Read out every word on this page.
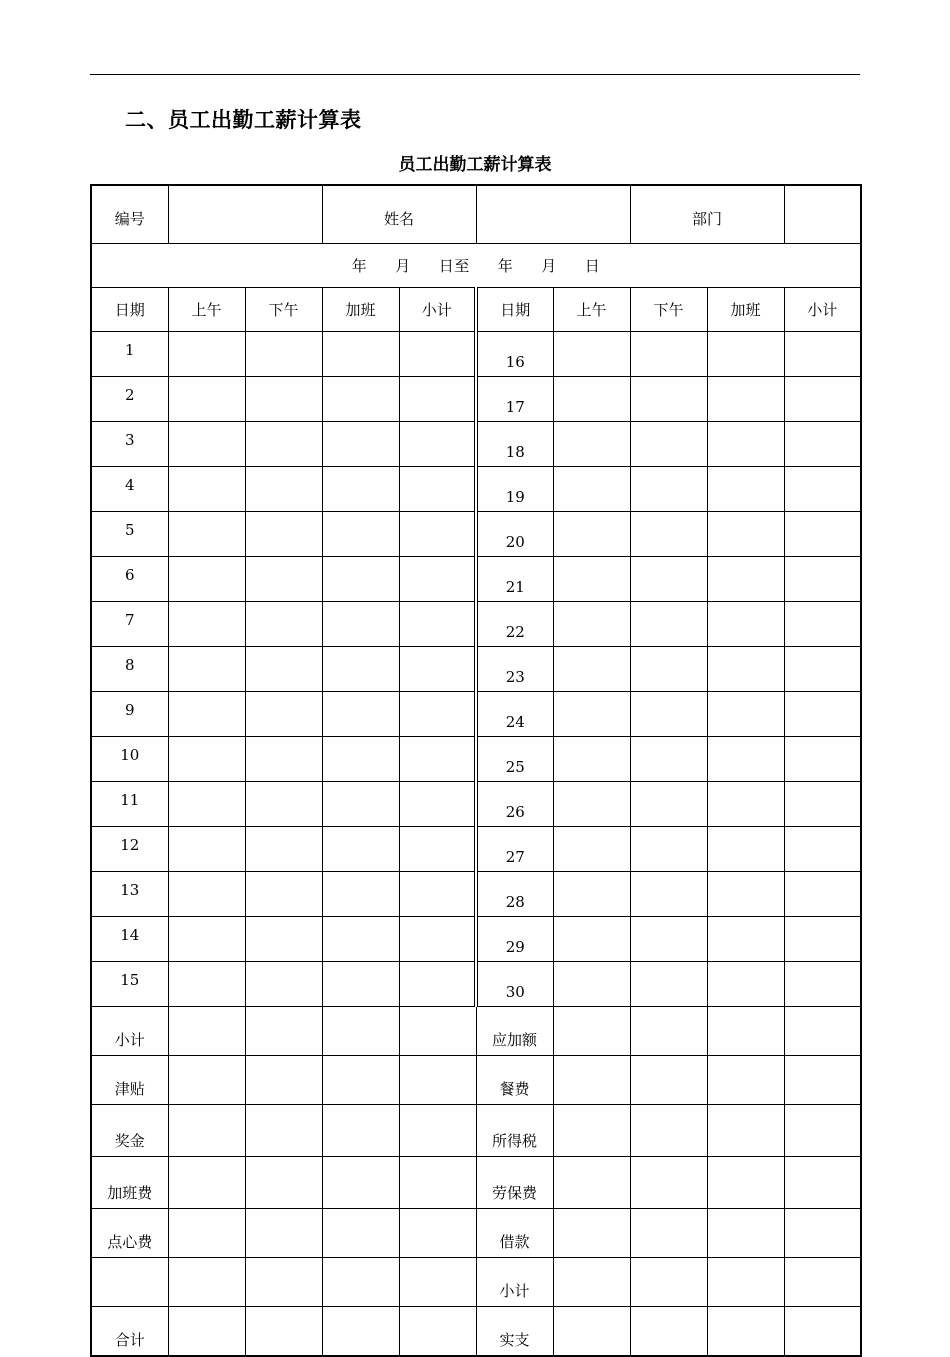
二、员工出勤工薪计算表
员工出勤工薪计算表
编号			姓名				部门		
年 月 日至 年 月 日									
日期	上午	下午	加班	小计	日期	上午	下午	加班	小计
1					16				
2					17				
3					18				
4					19				
5					20				
6					21				
7					22				
8					23				
9					24				
10					25				
11					26				
12					27				
13					28				
14					29				
15					30				
小计					应加额				
津贴					餐费				
奖金					所得税				
加班费					劳保费				
点心费					借款				
					小计				
合计					实支				
